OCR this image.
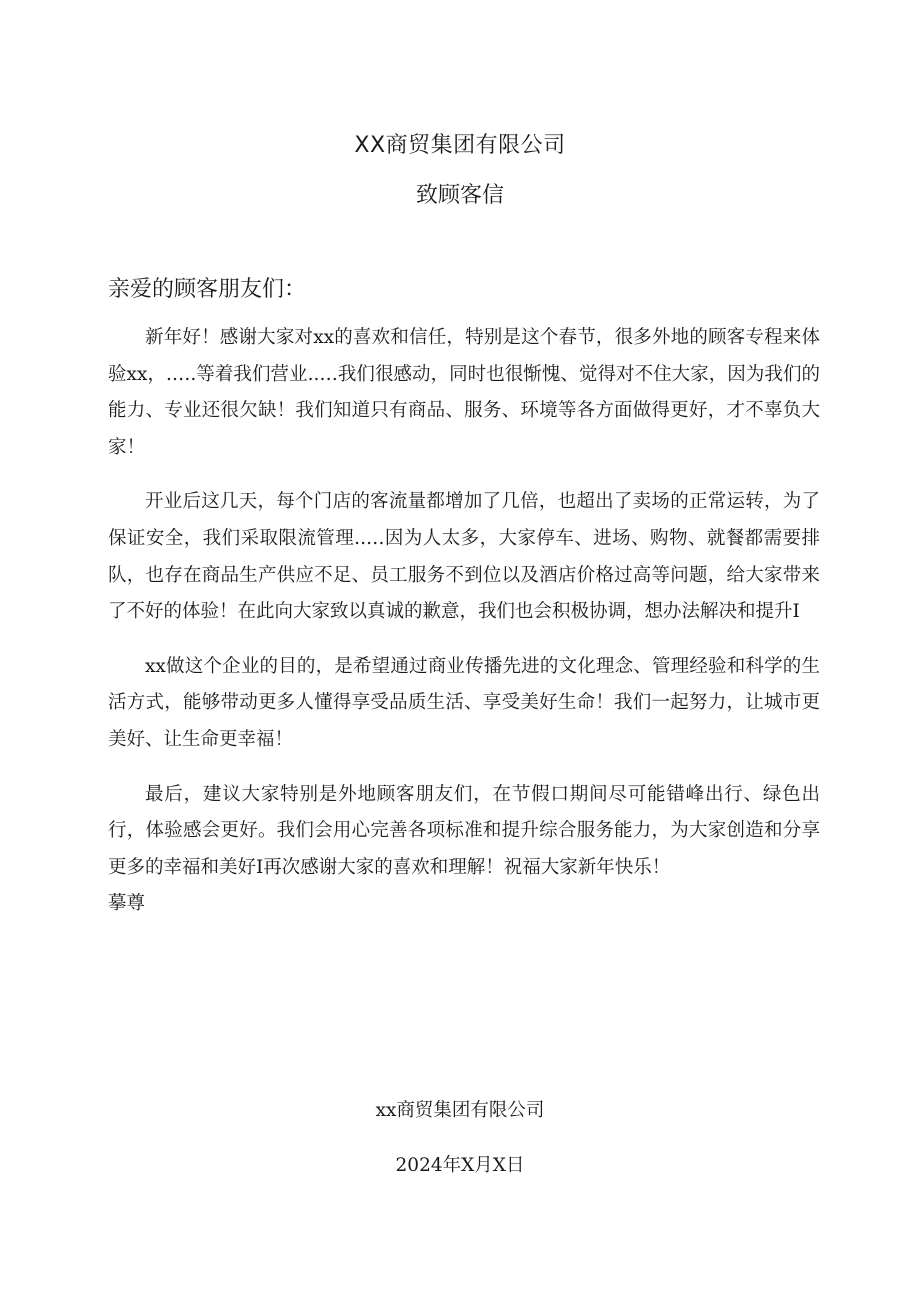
XX商贸集团有限公司
致顾客信
亲爱的顾客朋友们：

新年好！感谢大家对xx的喜欢和信任，特别是这个春节，很多外地的顾客专程来体验xx，.….等着我们营业..…我们很感动，同时也很惭愧、觉得对不住大家，因为我们的能力、专业还很欠缺！我们知道只有商品、服务、环境等各方面做得更好，才不辜负大家！

开业后这几天，每个门店的客流量都增加了几倍，也超出了卖场的正常运转，为了保证安全，我们采取限流管理..…因为人太多，大家停车、进场、购物、就餐都需要排队，也存在商品生产供应不足、员工服务不到位以及酒店价格过高等问题，给大家带来了不好的体验！在此向大家致以真诚的歉意，我们也会积极协调，想办法解决和提升I

xx做这个企业的目的，是希望通过商业传播先进的文化理念、管理经验和科学的生活方式，能够带动更多人懂得享受品质生活、享受美好生命！我们一起努力，让城市更美好、让生命更幸福！

最后，建议大家特别是外地顾客朋友们，在节假口期间尽可能错峰出行、绿色出行，体验感会更好。我们会用心完善各项标准和提升综合服务能力，为大家创造和分享更多的幸福和美好I再次感谢大家的喜欢和理解！祝福大家新年快乐！
摹尊

xx商贸集团有限公司
2024年X月X日
